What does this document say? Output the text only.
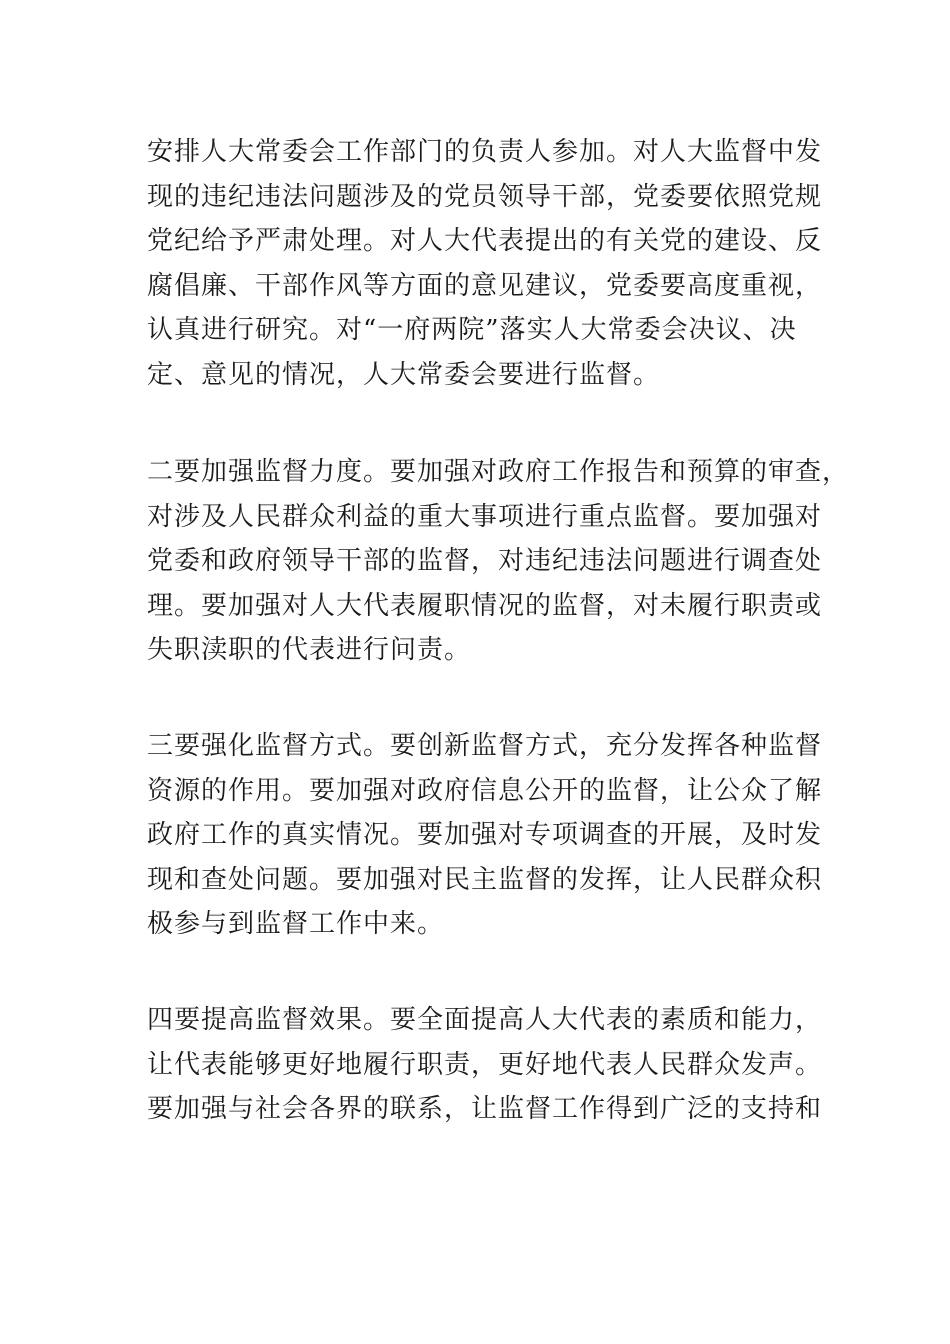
安排人大常委会工作部门的负责人参加。对人大监督中发
现的违纪违法问题涉及的党员领导干部，党委要依照党规
党纪给予严肃处理。对人大代表提出的有关党的建设、反
腐倡廉、干部作风等方面的意见建议，党委要高度重视，
认真进行研究。对“一府两院”落实人大常委会决议、决
定、意见的情况，人大常委会要进行监督。
二要加强监督力度。要加强对政府工作报告和预算的审查，
对涉及人民群众利益的重大事项进行重点监督。要加强对
党委和政府领导干部的监督，对违纪违法问题进行调查处
理。要加强对人大代表履职情况的监督，对未履行职责或
失职渎职的代表进行问责。
三要强化监督方式。要创新监督方式，充分发挥各种监督
资源的作用。要加强对政府信息公开的监督，让公众了解
政府工作的真实情况。要加强对专项调查的开展，及时发
现和查处问题。要加强对民主监督的发挥，让人民群众积
极参与到监督工作中来。
四要提高监督效果。要全面提高人大代表的素质和能力，
让代表能够更好地履行职责，更好地代表人民群众发声。
要加强与社会各界的联系，让监督工作得到广泛的支持和
